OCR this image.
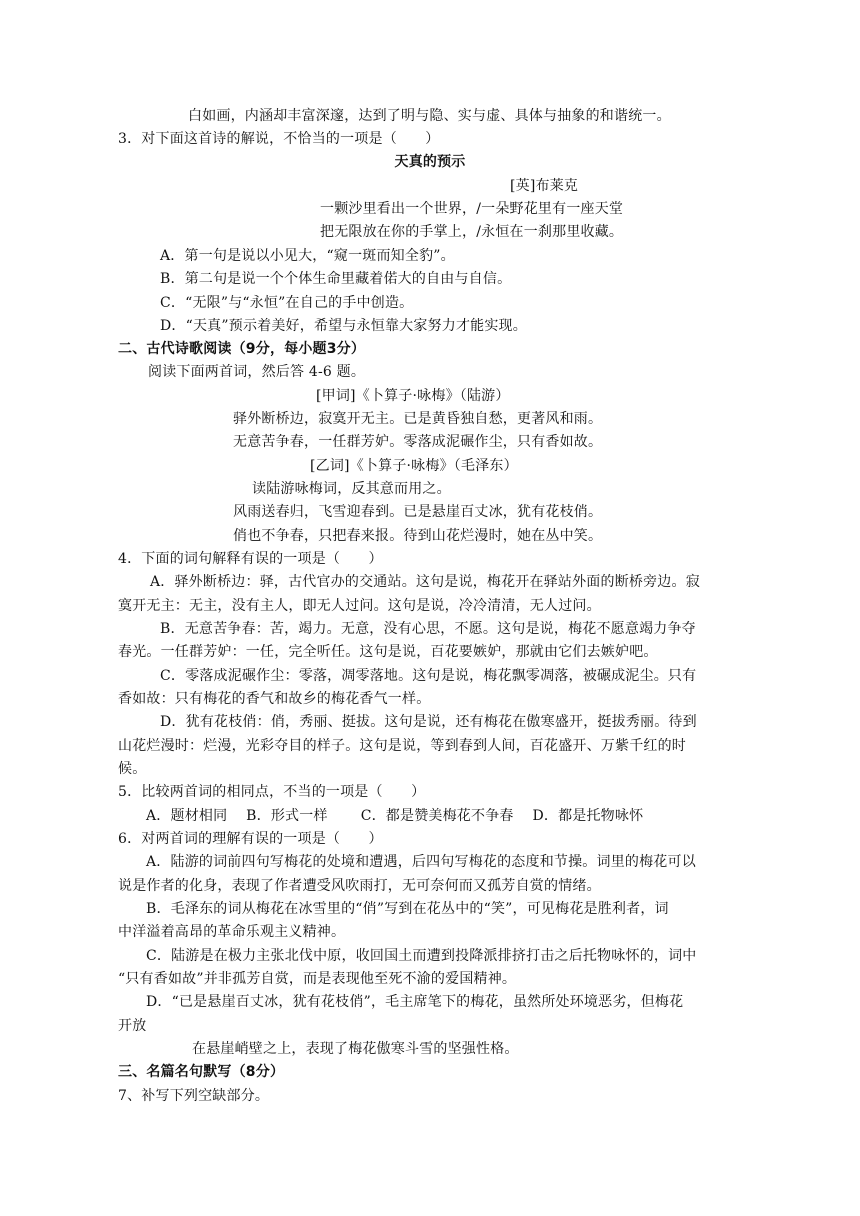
白如画，内涵却丰富深邃，达到了明与隐、实与虚、具体与抽象的和谐统一。
3．对下面这首诗的解说，不恰当的一项是（　　）
天真的预示
[英]布莱克
一颗沙里看出一个世界，/一朵野花里有一座天堂
把无限放在你的手掌上，/永恒在一刹那里收藏。
A．第一句是说以小见大，“窥一斑而知全豹”。
B．第二句是说一个个体生命里藏着偌大的自由与自信。
C．“无限”与“永恒”在自己的手中创造。
D．“天真”预示着美好，希望与永恒靠大家努力才能实现。
二、古代诗歌阅读（9分，每小题3分）
阅读下面两首词，然后答 4-6 题。
[甲词]《卜算子·咏梅》（陆游）
驿外断桥边，寂寞开无主。已是黄昏独自愁，更著风和雨。
无意苦争春，一任群芳妒。零落成泥碾作尘，只有香如故。
[乙词]《卜算子·咏梅》（毛泽东）
读陆游咏梅词，反其意而用之。
风雨送春归，飞雪迎春到。已是悬崖百丈冰，犹有花枝俏。
俏也不争春，只把春来报。待到山花烂漫时，她在丛中笑。
4．下面的词句解释有误的一项是（　　）
A．驿外断桥边：驿，古代官办的交通站。这句是说，梅花开在驿站外面的断桥旁边。寂
寞开无主：无主，没有主人，即无人过问。这句是说，冷冷清清，无人过问。
B．无意苦争春：苦，竭力。无意，没有心思，不愿。这句是说，梅花不愿意竭力争夺
春光。一任群芳妒：一任，完全听任。这句是说，百花要嫉妒，那就由它们去嫉妒吧。
C．零落成泥碾作尘：零落，凋零落地。这句是说，梅花飘零凋落，被碾成泥尘。只有
香如故：只有梅花的香气和故乡的梅花香气一样。
D．犹有花枝俏：俏，秀丽、挺拔。这句是说，还有梅花在傲寒盛开，挺拔秀丽。待到
山花烂漫时：烂漫，光彩夺目的样子。这句是说，等到春到人间，百花盛开、万紫千红的时
候。
5．比较两首词的相同点，不当的一项是（　　）
A．题材相同　 B．形式一样　　 C．都是赞美梅花不争春　 D．都是托物咏怀
6．对两首词的理解有误的一项是（　　）
A．陆游的词前四句写梅花的处境和遭遇，后四句写梅花的态度和节操。词里的梅花可以
说是作者的化身，表现了作者遭受风吹雨打，无可奈何而又孤芳自赏的情绪。
B．毛泽东的词从梅花在冰雪里的“俏”写到在花丛中的“笑”，可见梅花是胜利者，词
中洋溢着高昂的革命乐观主义精神。
C．陆游是在极力主张北伐中原，收回国土而遭到投降派排挤打击之后托物咏怀的，词中
“只有香如故”并非孤芳自赏，而是表现他至死不渝的爱国精神。
D．“已是悬崖百丈冰，犹有花枝俏”，毛主席笔下的梅花，虽然所处环境恶劣，但梅花
开放
在悬崖峭壁之上，表现了梅花傲寒斗雪的坚强性格。
三、名篇名句默写（8分）
7、补写下列空缺部分。
